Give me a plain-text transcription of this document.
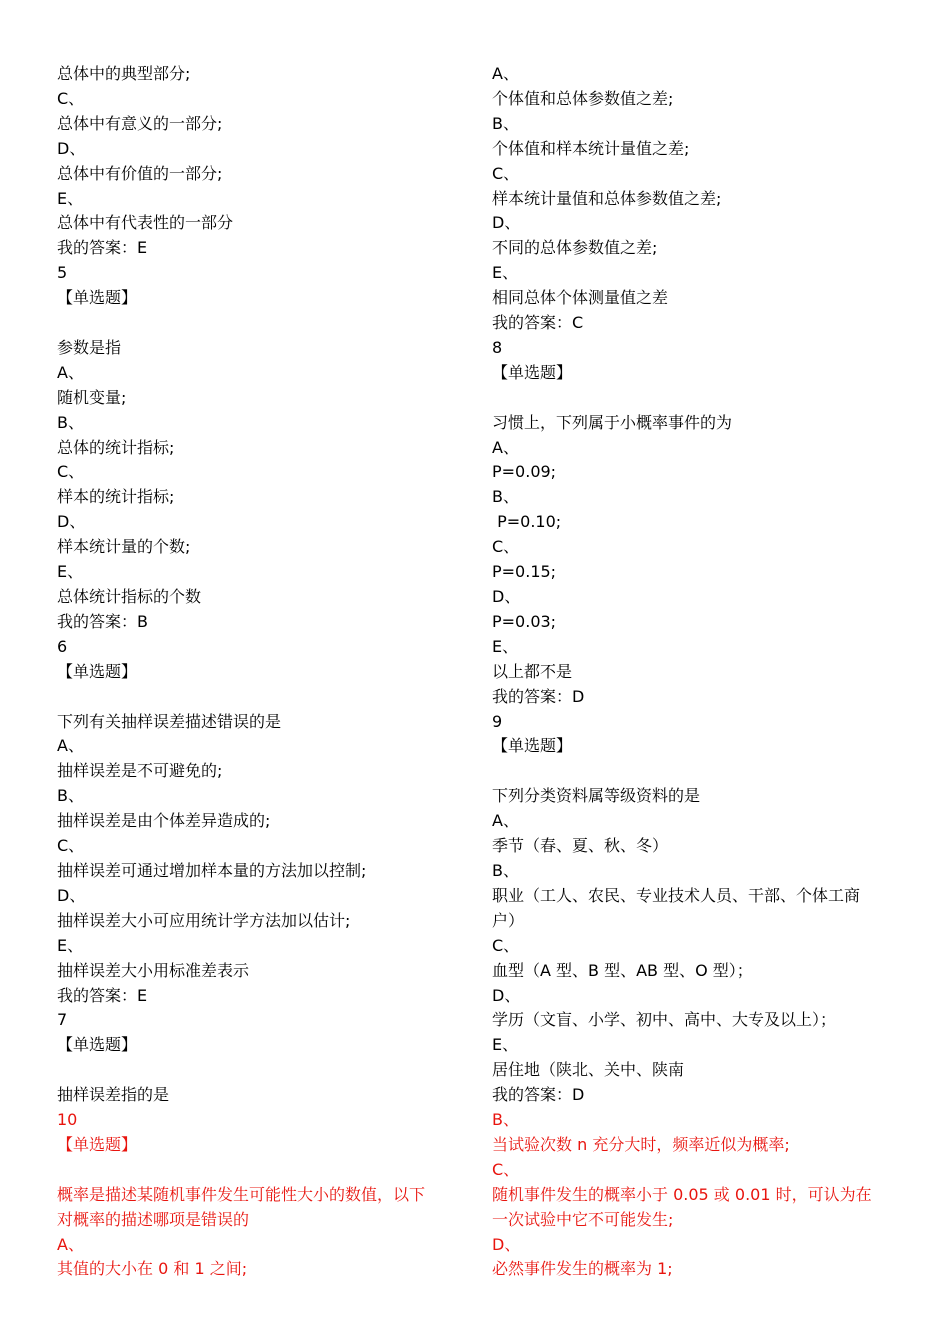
总体中的典型部分;
C、
总体中有意义的一部分;
D、
总体中有价值的一部分;
E、
总体中有代表性的一部分
我的答案：E
5
【单选题】
参数是指
A、
随机变量;
B、
总体的统计指标;
C、
样本的统计指标;
D、
样本统计量的个数;
E、
总体统计指标的个数
我的答案：B
6
【单选题】
下列有关抽样误差描述错误的是
A、
抽样误差是不可避免的;
B、
抽样误差是由个体差异造成的;
C、
抽样误差可通过增加样本量的方法加以控制;
D、
抽样误差大小可应用统计学方法加以估计;
E、
抽样误差大小用标准差表示
我的答案：E
7
【单选题】
抽样误差指的是
10
【单选题】
概率是描述某随机事件发生可能性大小的数值，以下
对概率的描述哪项是错误的
A、
其值的大小在 0 和 1 之间;
A、
个体值和总体参数值之差;
B、
个体值和样本统计量值之差;
C、
样本统计量值和总体参数值之差;
D、
不同的总体参数值之差;
E、
相同总体个体测量值之差
我的答案：C
8
【单选题】
习惯上，下列属于小概率事件的为
A、
P=0.09;
B、
P=0.10;
C、
P=0.15;
D、
P=0.03;
E、
以上都不是
我的答案：D
9
【单选题】
下列分类资料属等级资料的是
A、
季节（春、夏、秋、冬）
B、
职业（工人、农民、专业技术人员、干部、个体工商
户）
C、
血型（A 型、B 型、AB 型、O 型）；
D、
学历（文盲、小学、初中、高中、大专及以上）；
E、
居住地（陕北、关中、陕南
我的答案：D
B、
当试验次数 n 充分大时，频率近似为概率;
C、
随机事件发生的概率小于 0.05 或 0.01 时，可认为在
一次试验中它不可能发生;
D、
必然事件发生的概率为 1;
